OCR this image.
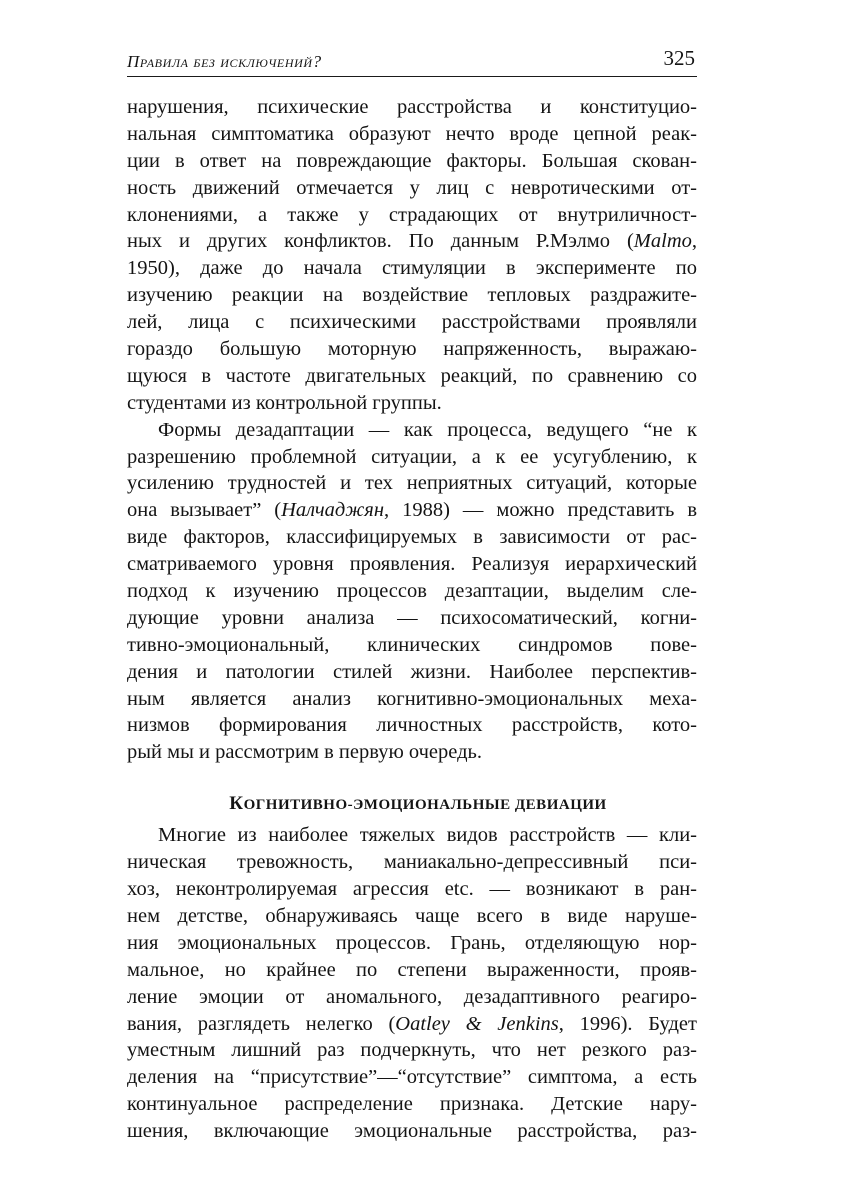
Правила без исключений?	325
нарушения, психические расстройства и конституцио-
нальная симптоматика образуют нечто вроде цепной реак-
ции в ответ на повреждающие факторы. Большая скован-
ность движений отмечается у лиц с невротическими от-
клонениями, а также у страдающих от внутриличност-
ных и других конфликтов. По данным Р.Мэлмо (Malmo,
1950), даже до начала стимуляции в эксперименте по
изучению реакции на воздействие тепловых раздражите-
лей, лица с психическими расстройствами проявляли
гораздо большую моторную напряженность, выражаю-
щуюся в частоте двигательных реакций, по сравнению со
студентами из контрольной группы.
Формы дезадаптации — как процесса, ведущего “не к
разрешению проблемной ситуации, а к ее усугублению, к
усилению трудностей и тех неприятных ситуаций, которые
она вызывает” (Налчаджян, 1988) — можно представить в
виде факторов, классифицируемых в зависимости от рас-
сматриваемого уровня проявления. Реализуя иерархический
подход к изучению процессов дезаптации, выделим сле-
дующие уровни анализа — психосоматический, когни-
тивно-эмоциональный, клинических синдромов пове-
дения и патологии стилей жизни. Наиболее перспектив-
ным является анализ когнитивно-эмоциональных меха-
низмов формирования личностных расстройств, кото-
рый мы и рассмотрим в первую очередь.
КОГНИТИВНО-ЭМОЦИОНАЛЬНЫЕ ДЕВИАЦИИ
Многие из наиболее тяжелых видов расстройств — кли-
ническая тревожность, маниакально-депрессивный пси-
хоз, неконтролируемая агрессия etc. — возникают в ран-
нем детстве, обнаруживаясь чаще всего в виде наруше-
ния эмоциональных процессов. Грань, отделяющую нор-
мальное, но крайнее по степени выраженности, прояв-
ление эмоции от аномального, дезадаптивного реагиро-
вания, разглядеть нелегко (Oatley & Jenkins, 1996). Будет
уместным лишний раз подчеркнуть, что нет резкого раз-
деления на “присутствие”—“отсутствие” симптома, а есть
континуальное распределение признака. Детские нару-
шения, включающие эмоциональные расстройства, раз-
